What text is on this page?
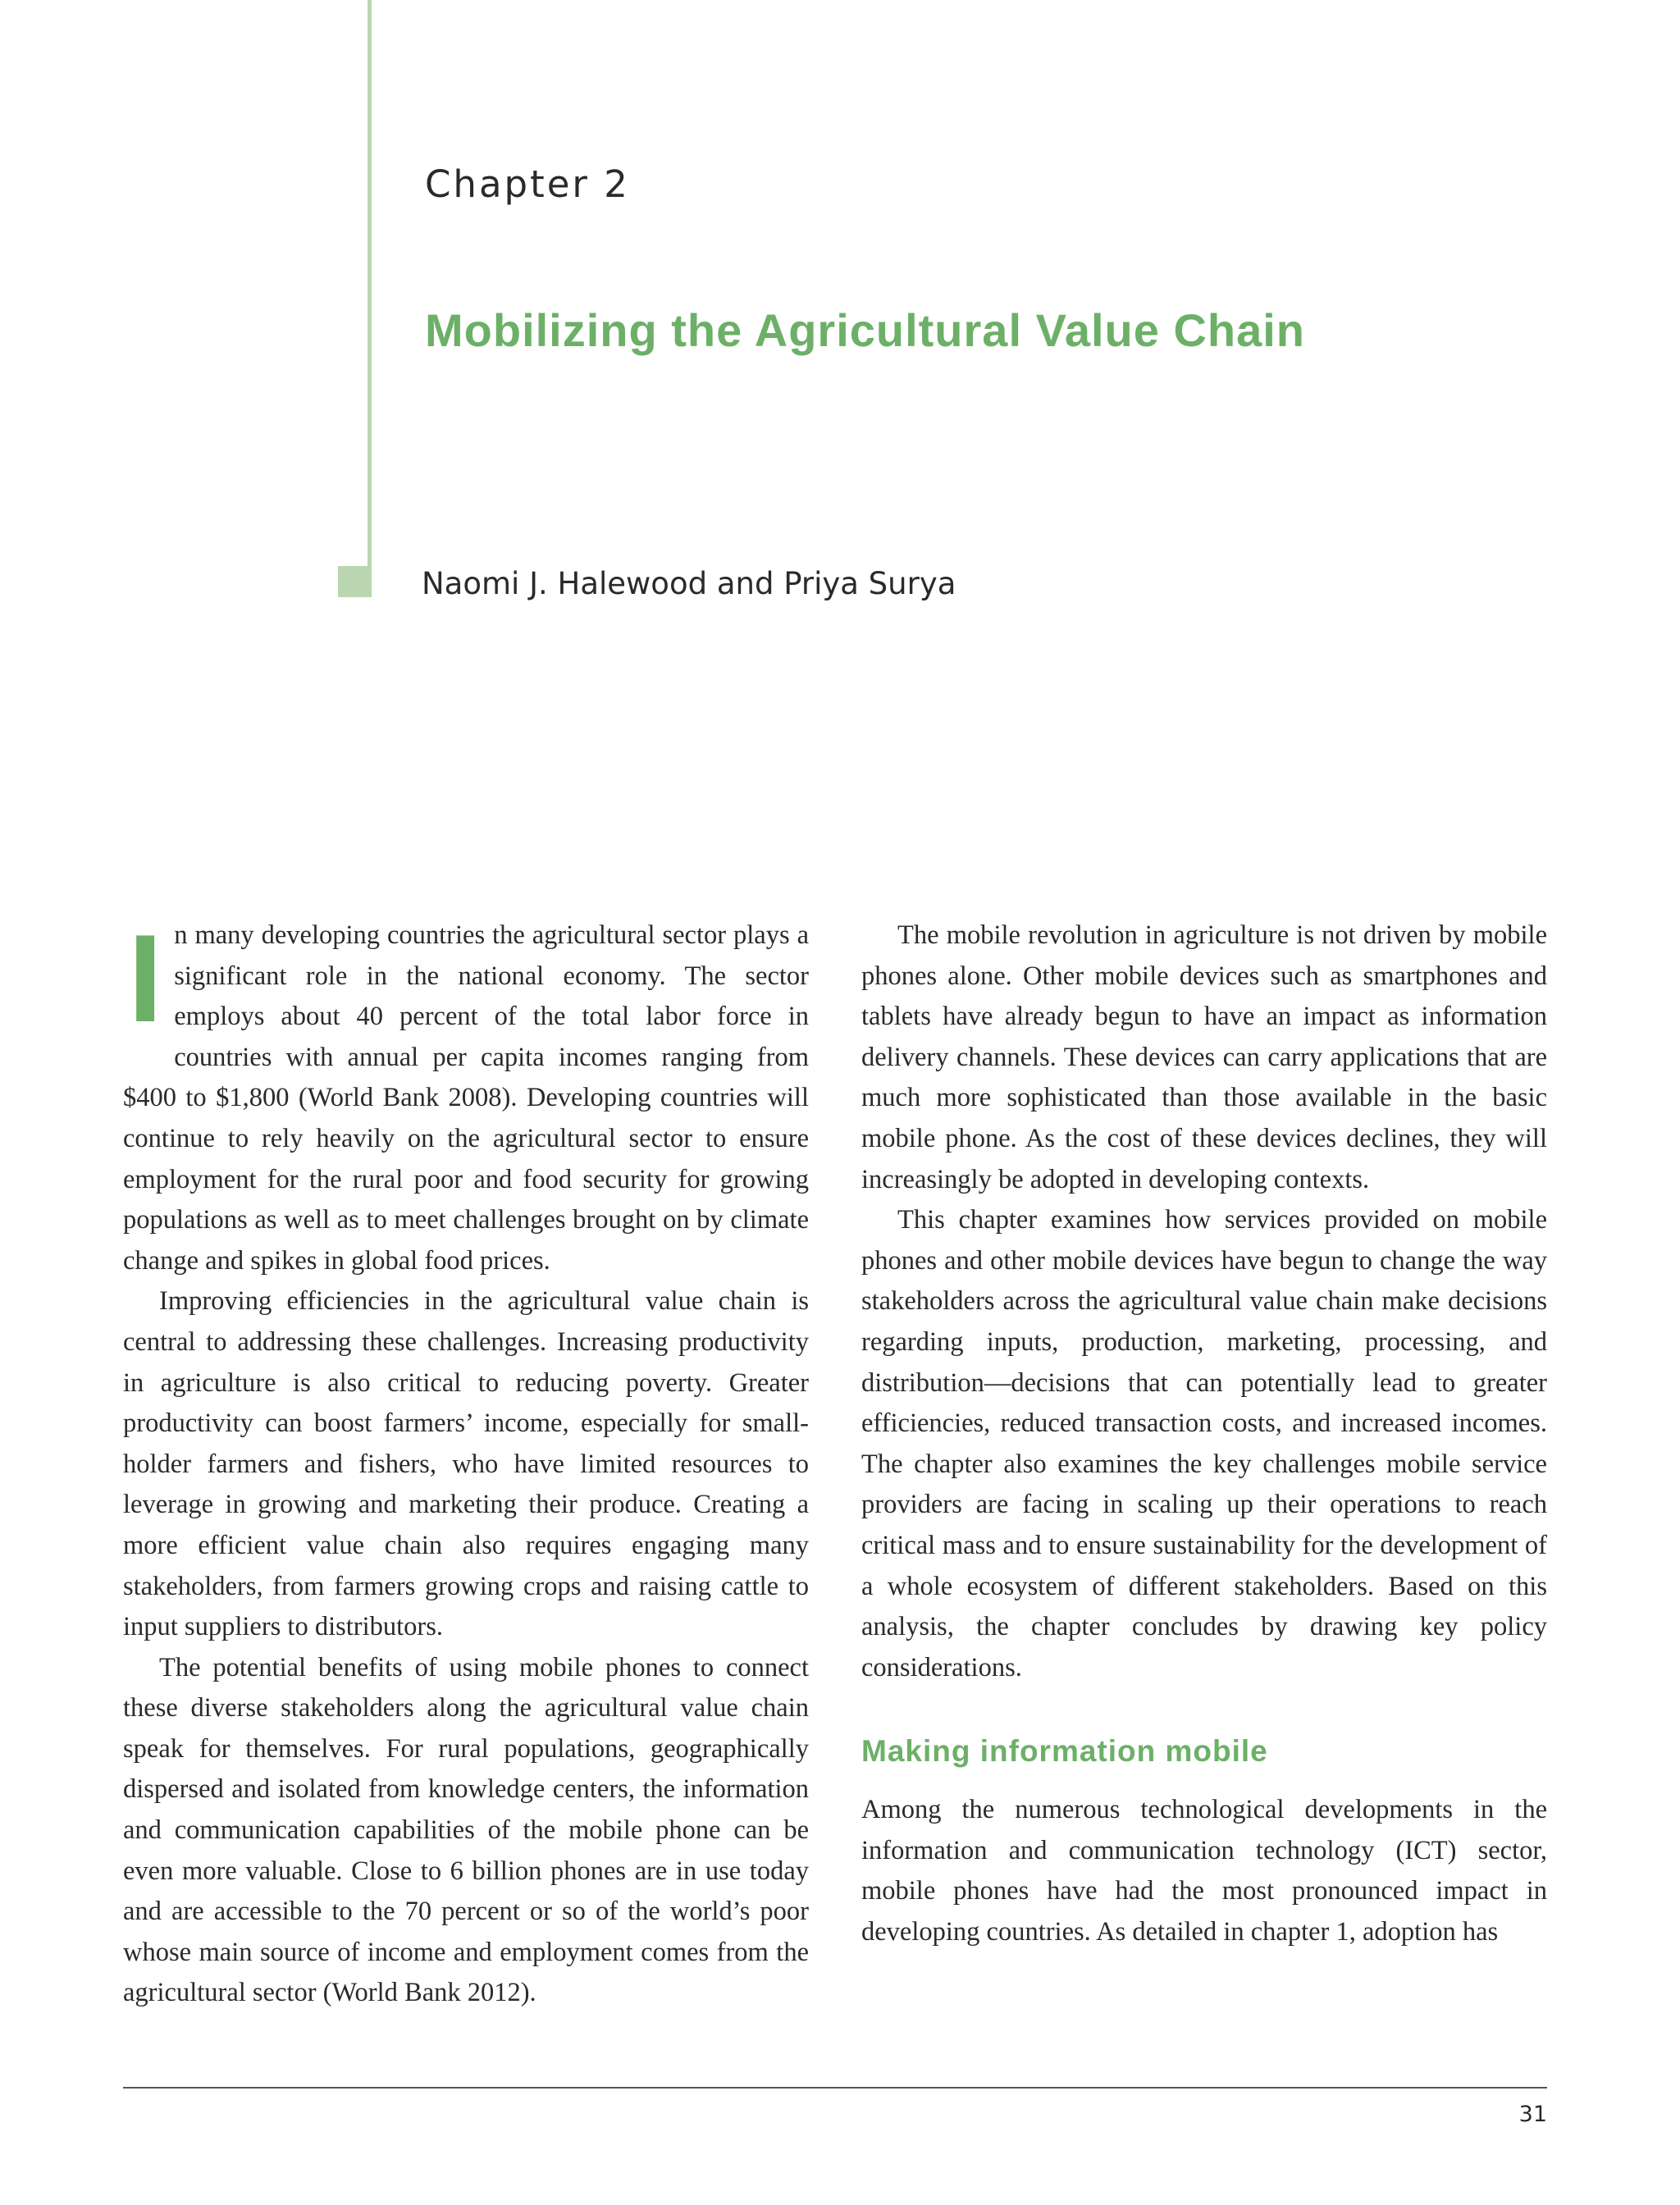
Chapter 2
Mobilizing the Agricultural Value Chain

Naomi J. Halewood and Priya Surya

In many developing countries the agricultural sector plays a significant role in the national economy. The sector employs about 40 percent of the total labor force in countries with annual per capita incomes ranging from $400 to $1,800 (World Bank 2008). Developing countries will continue to rely heavily on the agricultural sector to ensure employment for the rural poor and food security for growing populations as well as to meet challenges brought on by climate change and spikes in global food prices.

Improving efficiencies in the agricultural value chain is central to addressing these challenges. Increasing productivity in agriculture is also critical to reducing poverty. Greater productivity can boost farmers’ income, especially for smallholder farmers and fishers, who have limited resources to leverage in growing and marketing their produce. Creating a more efficient value chain also requires engaging many stakeholders, from farmers growing crops and raising cattle to input suppliers to distributors.

The potential benefits of using mobile phones to connect these diverse stakeholders along the agricultural value chain speak for themselves. For rural populations, geographically dispersed and isolated from knowledge centers, the information and communication capabilities of the mobile phone can be even more valuable. Close to 6 billion phones are in use today and are accessible to the 70 percent or so of the world’s poor whose main source of income and employment comes from the agricultural sector (World Bank 2012).

The mobile revolution in agriculture is not driven by mobile phones alone. Other mobile devices such as smartphones and tablets have already begun to have an impact as information delivery channels. These devices can carry applications that are much more sophisticated than those available in the basic mobile phone. As the cost of these devices declines, they will increasingly be adopted in developing contexts.

This chapter examines how services provided on mobile phones and other mobile devices have begun to change the way stakeholders across the agricultural value chain make decisions regarding inputs, production, marketing, processing, and distribution—decisions that can potentially lead to greater efficiencies, reduced transaction costs, and increased incomes. The chapter also examines the key challenges mobile service providers are facing in scaling up their operations to reach critical mass and to ensure sustainability for the development of a whole ecosystem of different stakeholders. Based on this analysis, the chapter concludes by drawing key policy considerations.

Making information mobile

Among the numerous technological developments in the information and communication technology (ICT) sector, mobile phones have had the most pronounced impact in developing countries. As detailed in chapter 1, adoption has

31
